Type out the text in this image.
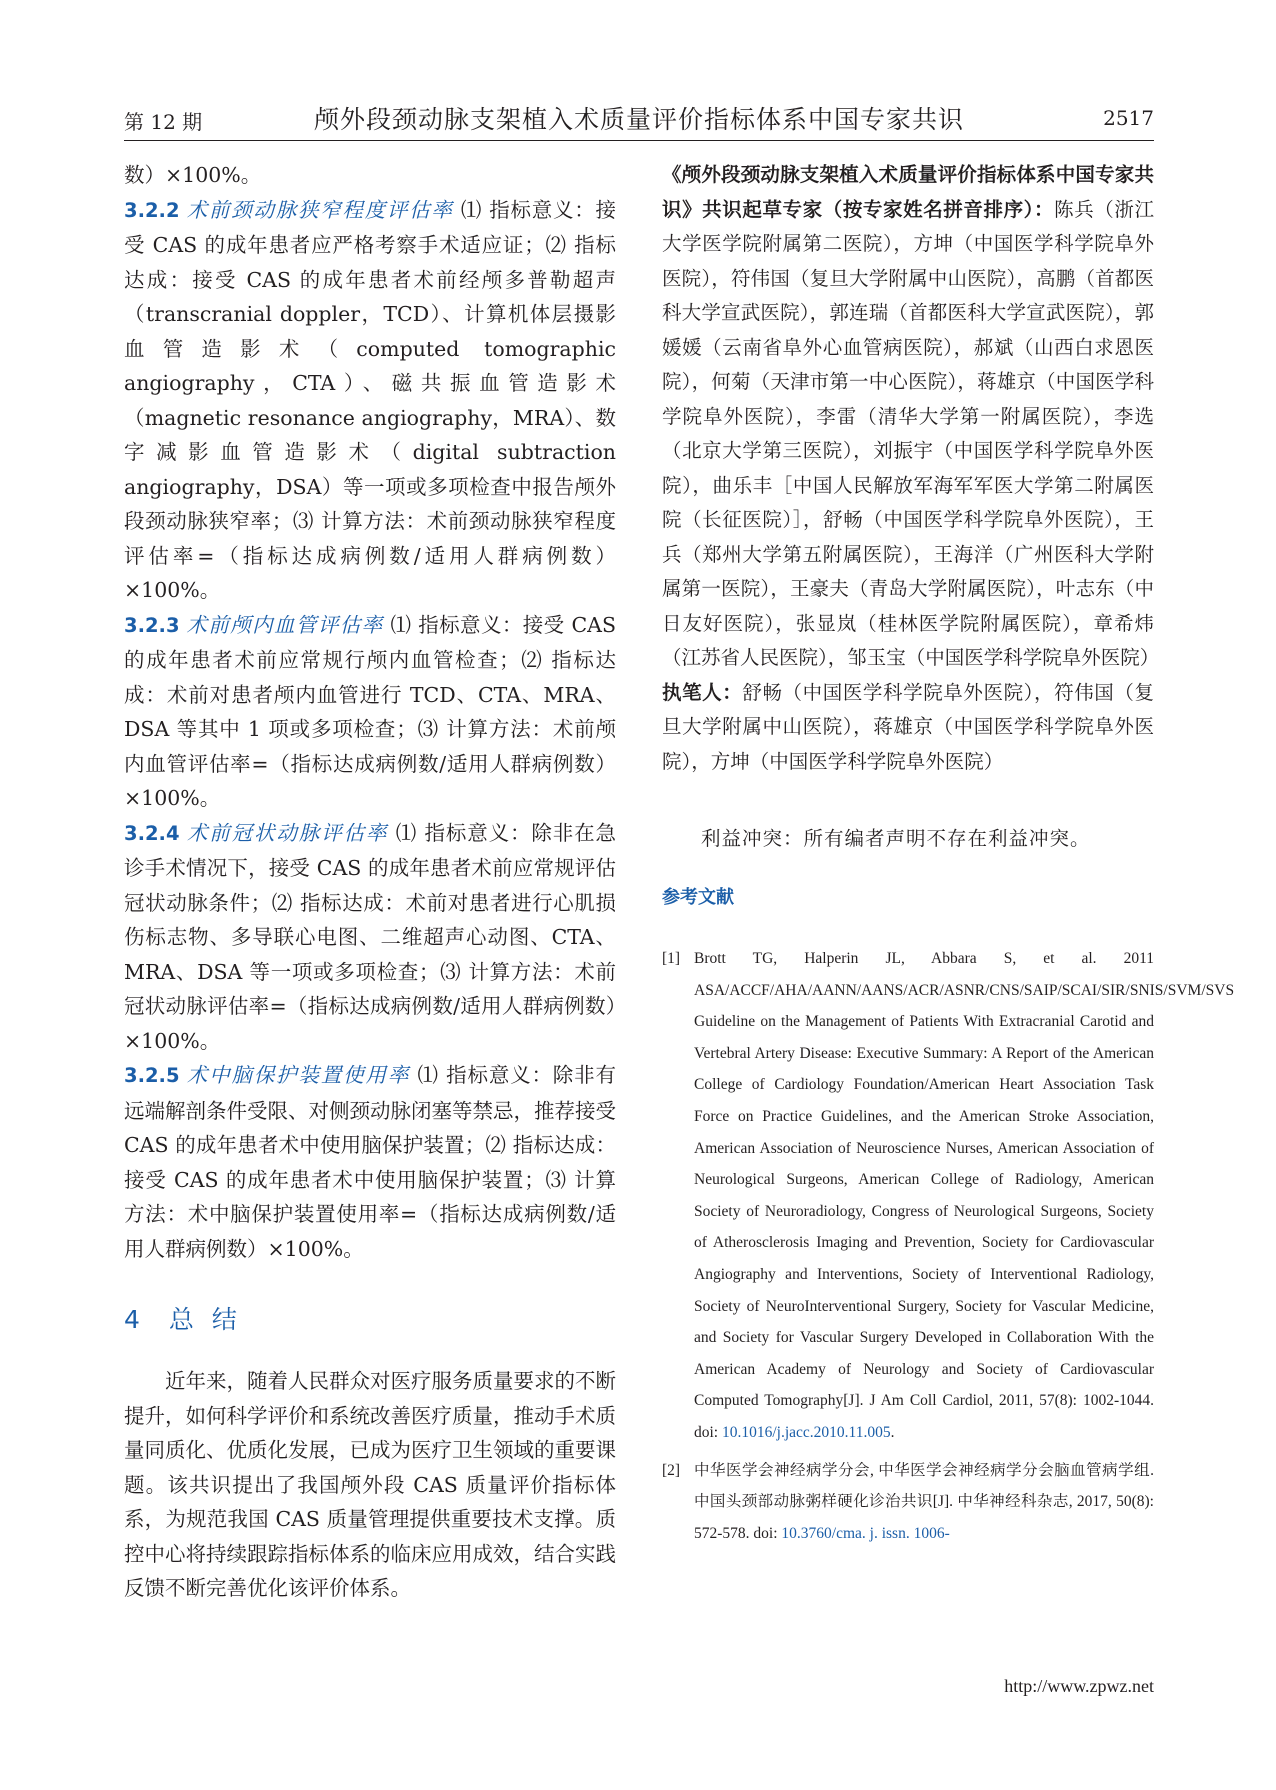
第 12 期	颅外段颈动脉支架植入术质量评价指标体系中国专家共识	2517

数）×100%。

3.2.2 术前颈动脉狭窄程度评估率 ⑴ 指标意义：接受 CAS 的成年患者应严格考察手术适应证；⑵ 指标达成：接受 CAS 的成年患者术前经颅多普勒超声（transcranial doppler，TCD）、计算机体层摄影血管造影术（computed tomographic angiography，CTA）、磁共振血管造影术（magnetic resonance angiography，MRA）、数字减影血管造影术（digital subtraction angiography，DSA）等一项或多项检查中报告颅外段颈动脉狭窄率；⑶ 计算方法：术前颈动脉狭窄程度评估率=（指标达成病例数/适用人群病例数）×100%。

3.2.3 术前颅内血管评估率 ⑴ 指标意义：接受 CAS 的成年患者术前应常规行颅内血管检查；⑵ 指标达成：术前对患者颅内血管进行 TCD、CTA、MRA、DSA 等其中 1 项或多项检查；⑶ 计算方法：术前颅内血管评估率=（指标达成病例数/适用人群病例数）×100%。

3.2.4 术前冠状动脉评估率 ⑴ 指标意义：除非在急诊手术情况下，接受 CAS 的成年患者术前应常规评估冠状动脉条件；⑵ 指标达成：术前对患者进行心肌损伤标志物、多导联心电图、二维超声心动图、CTA、MRA、DSA 等一项或多项检查；⑶ 计算方法：术前冠状动脉评估率=（指标达成病例数/适用人群病例数）×100%。

3.2.5 术中脑保护装置使用率 ⑴ 指标意义：除非有远端解剖条件受限、对侧颈动脉闭塞等禁忌，推荐接受 CAS 的成年患者术中使用脑保护装置；⑵ 指标达成：接受 CAS 的成年患者术中使用脑保护装置；⑶ 计算方法：术中脑保护装置使用率=（指标达成病例数/适用人群病例数）×100%。

4 总结

近年来，随着人民群众对医疗服务质量要求的不断提升，如何科学评价和系统改善医疗质量，推动手术质量同质化、优质化发展，已成为医疗卫生领域的重要课题。该共识提出了我国颅外段 CAS 质量评价指标体系，为规范我国 CAS 质量管理提供重要技术支撑。质控中心将持续跟踪指标体系的临床应用成效，结合实践反馈不断完善优化该评价体系。

《颅外段颈动脉支架植入术质量评价指标体系中国专家共识》共识起草专家（按专家姓名拼音排序）：陈兵（浙江大学医学院附属第二医院），方坤（中国医学科学院阜外医院），符伟国（复旦大学附属中山医院），高鹏（首都医科大学宣武医院），郭连瑞（首都医科大学宣武医院），郭媛媛（云南省阜外心血管病医院），郝斌（山西白求恩医院），何菊（天津市第一中心医院），蒋雄京（中国医学科学院阜外医院），李雷（清华大学第一附属医院），李选（北京大学第三医院），刘振宇（中国医学科学院阜外医院），曲乐丰［中国人民解放军海军军医大学第二附属医院（长征医院）］，舒畅（中国医学科学院阜外医院），王兵（郑州大学第五附属医院），王海洋（广州医科大学附属第一医院），王豪夫（青岛大学附属医院），叶志东（中日友好医院），张显岚（桂林医学院附属医院），章希炜（江苏省人民医院），邹玉宝（中国医学科学院阜外医院）

执笔人：舒畅（中国医学科学院阜外医院），符伟国（复旦大学附属中山医院），蒋雄京（中国医学科学院阜外医院），方坤（中国医学科学院阜外医院）

利益冲突：所有编者声明不存在利益冲突。

参考文献

[1] Brott TG, Halperin JL, Abbara S, et al. 2011 ASA/ACCF/AHA/AANN/AANS/ACR/ASNR/CNS/SAIP/SCAI/SIR/SNIS/SVM/SVS Guideline on the Management of Patients With Extracranial Carotid and Vertebral Artery Disease: Executive Summary: A Report of the American College of Cardiology Foundation/American Heart Association Task Force on Practice Guidelines, and the American Stroke Association, American Association of Neuroscience Nurses, American Association of Neurological Surgeons, American College of Radiology, American Society of Neuroradiology, Congress of Neurological Surgeons, Society of Atherosclerosis Imaging and Prevention, Society for Cardiovascular Angiography and Interventions, Society of Interventional Radiology, Society of NeuroInterventional Surgery, Society for Vascular Medicine, and Society for Vascular Surgery Developed in Collaboration With the American Academy of Neurology and Society of Cardiovascular Computed Tomography[J]. J Am Coll Cardiol, 2011, 57(8): 1002-1044. doi: 10.1016/j.jacc.2010.11.005.

[2] 中华医学会神经病学分会, 中华医学会神经病学分会脑血管病学组. 中国头颈部动脉粥样硬化诊治共识[J]. 中华神经科杂志, 2017, 50(8): 572-578. doi: 10.3760/cma. j. issn. 1006-

http://www.zpwz.net
